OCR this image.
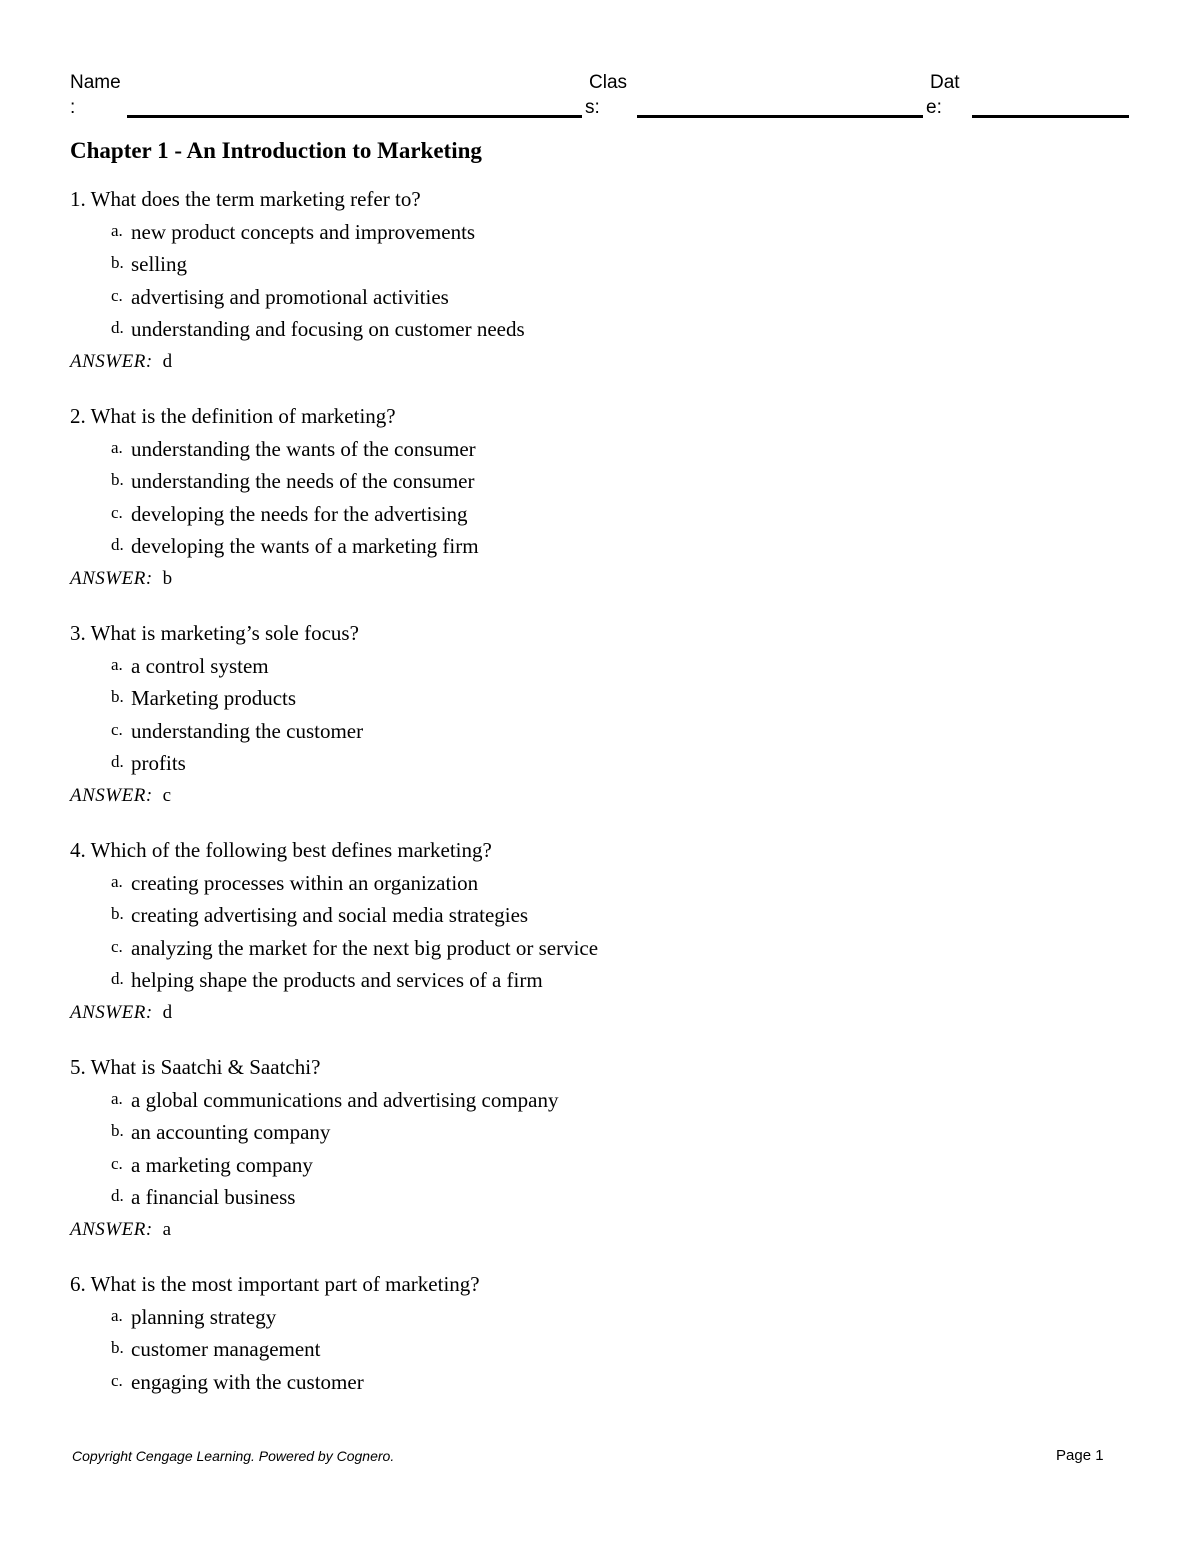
Name
:
Clas
s:
Dat
e:
Chapter 1 - An Introduction to Marketing
1. What does the term marketing refer to?
a. new product concepts and improvements
b. selling
c. advertising and promotional activities
d. understanding and focusing on customer needs
ANSWER: d
2. What is the definition of marketing?
a. understanding the wants of the consumer
b. understanding the needs of the consumer
c. developing the needs for the advertising
d. developing the wants of a marketing firm
ANSWER: b
3. What is marketing’s sole focus?
a. a control system
b. Marketing products
c. understanding the customer
d. profits
ANSWER: c
4. Which of the following best defines marketing?
a. creating processes within an organization
b. creating advertising and social media strategies
c. analyzing the market for the next big product or service
d. helping shape the products and services of a firm
ANSWER: d
5. What is Saatchi & Saatchi?
a. a global communications and advertising company
b. an accounting company
c. a marketing company
d. a financial business
ANSWER: a
6. What is the most important part of marketing?
a. planning strategy
b. customer management
c. engaging with the customer
Copyright Cengage Learning. Powered by Cognero.	Page 1
